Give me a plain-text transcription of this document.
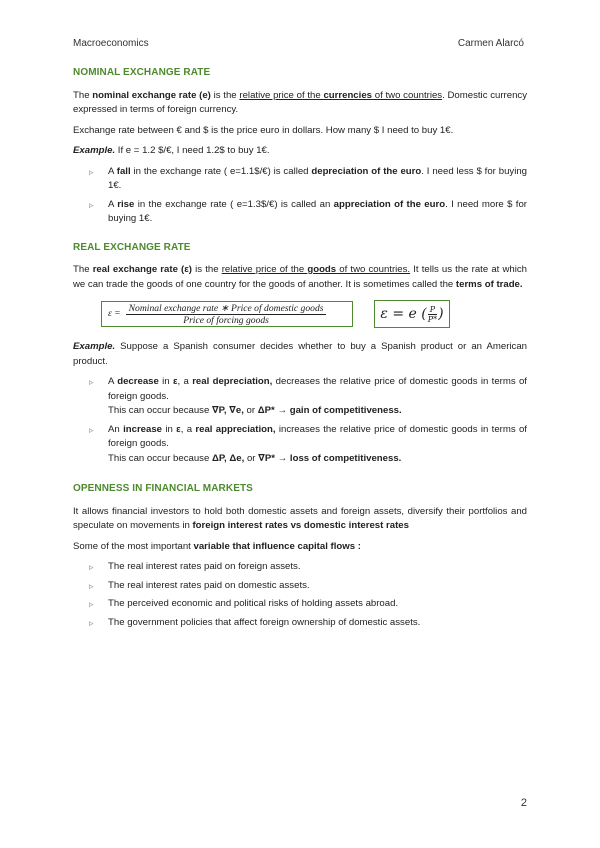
Macroeconomics	Carmen Alarcó
NOMINAL EXCHANGE RATE

The nominal exchange rate (e) is the relative price of the currencies of two countries. Domestic currency expressed in terms of foreign currency.

Exchange rate between € and $ is the price euro in dollars. How many $ I need to buy 1€.

Example. If e = 1.2 $/€, I need 1.2$ to buy 1€.

▹ A fall in the exchange rate ( e=1.1$/€) is called depreciation of the euro. I need less $ for buying 1€.
▹ A rise in the exchange rate ( e=1.3$/€) is called an appreciation of the euro. I need more $ for buying 1€.
REAL EXCHANGE RATE

The real exchange rate (ε) is the relative price of the goods of two countries. It tells us the rate at which we can trade the goods of one country for the goods of another. It is sometimes called the terms of trade.

$\varepsilon = \frac{\text{Nominal exchange rate ∗ Price of domestic goods}}{\text{Price of forcing goods}}$	ε = e ( $\frac{P}{P*}$ )

Example. Suppose a Spanish consumer decides whether to buy a Spanish product or an American product.

▹ A decrease in ε, a real depreciation, decreases the relative price of domestic goods in terms of foreign goods.
This can occur because ∇P, ∇e, or ΔP* → gain of competitiveness.
▹ An increase in ε, a real appreciation, increases the relative price of domestic goods in terms of foreign goods.
This can occur because ΔP, Δe, or ∇P* → loss of competitiveness.
OPENNESS IN FINANCIAL MARKETS

It allows financial investors to hold both domestic assets and foreign assets, diversify their portfolios and speculate on movements in foreign interest rates vs domestic interest rates

Some of the most important variable that influence capital flows :

▹ The real interest rates paid on foreign assets.
▹ The real interest rates paid on domestic assets.
▹ The perceived economic and political risks of holding assets abroad.
▹ The government policies that affect foreign ownership of domestic assets.
2
